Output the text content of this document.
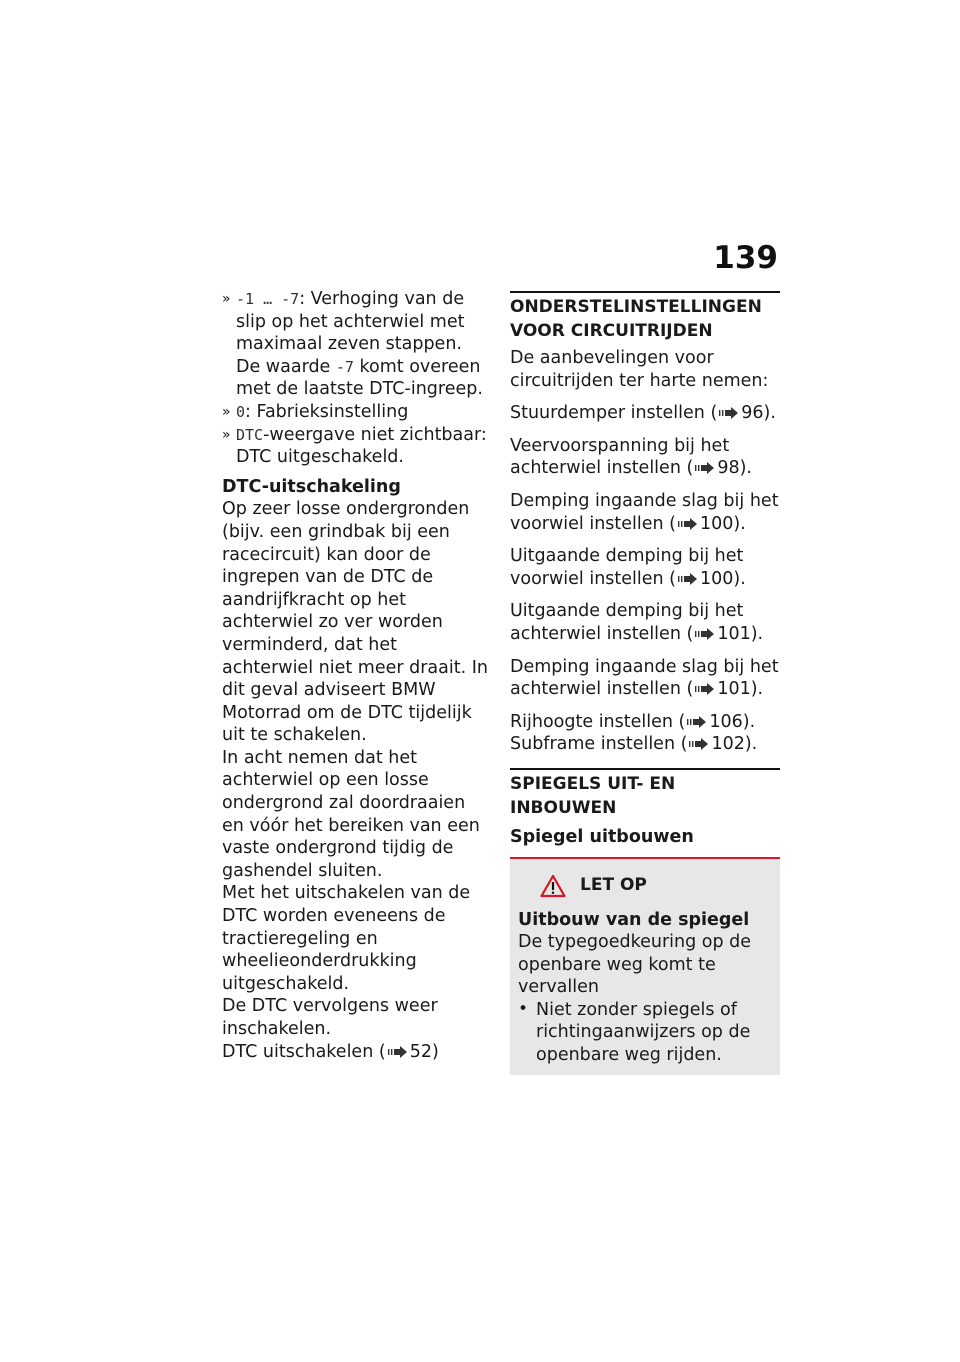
139
» -1 … -7: Verhoging van de slip op het achterwiel met maximaal zeven stappen. De waarde -7 komt overeen met de laatste DTC-ingreep.
» 0: Fabrieksinstelling
» DTC-weergave niet zichtbaar: DTC uitgeschakeld.

DTC-uitschakeling

Op zeer losse ondergronden (bijv. een grindbak bij een racecircuit) kan door de ingrepen van de DTC de aandrijfkracht op het achterwiel zo ver worden verminderd, dat het achterwiel niet meer draait. In dit geval adviseert BMW Motorrad om de DTC tijdelijk uit te schakelen.

In acht nemen dat het achterwiel op een losse ondergrond zal doordraaien en vóór het bereiken van een vaste ondergrond tijdig de gashendel sluiten.

Met het uitschakelen van de DTC worden eveneens de tractieregeling en wheelieonderdrukking uitgeschakeld.

De DTC vervolgens weer inschakelen.

DTC uitschakelen ( 52)

ONDERSTELINSTELLINGEN VOOR CIRCUITRIJDEN

De aanbevelingen voor circuitrijden ter harte nemen:

Stuurdemper instellen ( 96).

Veervoorspanning bij het achterwiel instellen ( 98).

Demping ingaande slag bij het voorwiel instellen ( 100).

Uitgaande demping bij het voorwiel instellen ( 100).

Uitgaande demping bij het achterwiel instellen ( 101).

Demping ingaande slag bij het achterwiel instellen ( 101).

Rijhoogte instellen ( 106).

Subframe instellen ( 102).

SPIEGELS UIT- EN INBOUWEN

Spiegel uitbouwen

LET OP

Uitbouw van de spiegel

De typegoedkeuring op de openbare weg komt te vervallen

• Niet zonder spiegels of richtingaanwijzers op de openbare weg rijden.
